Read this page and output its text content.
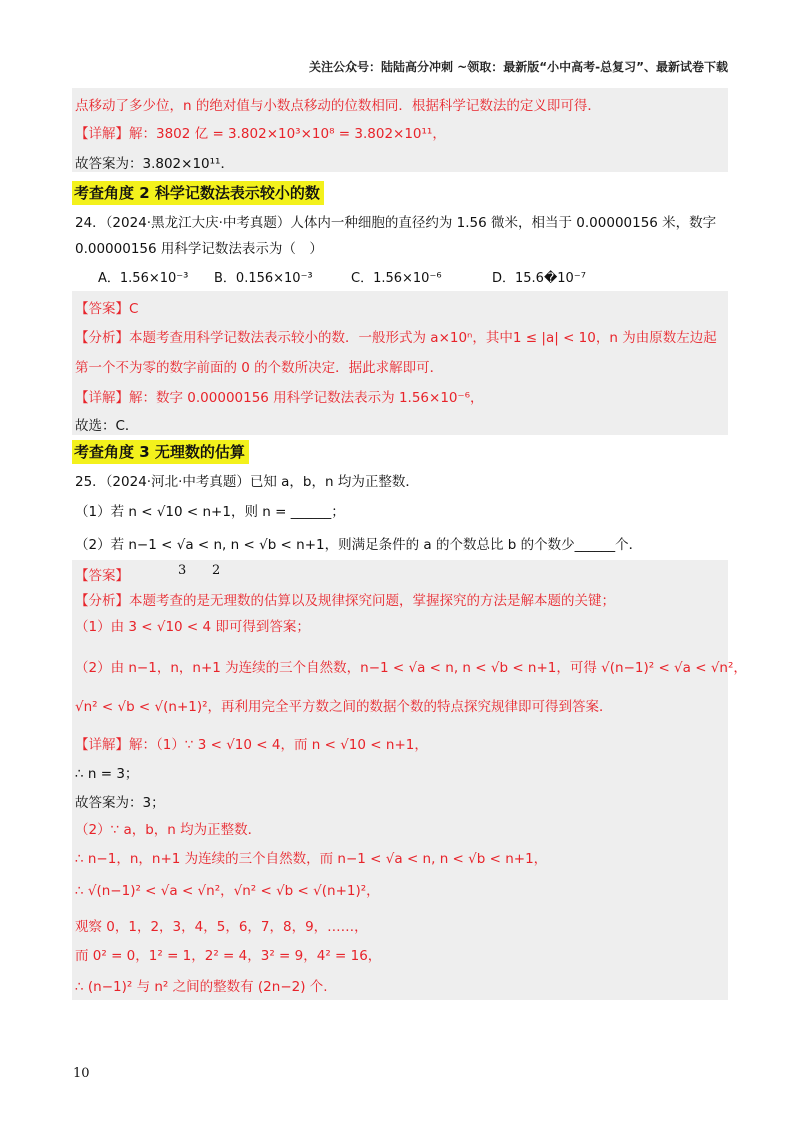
关注公众号：陆陆高分冲刺 ~领取：最新版“小中高考-总复习”、最新试卷下载
点移动了多少位，n 的绝对值与小数点移动的位数相同．根据科学记数法的定义即可得．
【详解】解：3802 亿 = 3.802×10³×10⁸ = 3.802×10¹¹，
故答案为：3.802×10¹¹．
考查角度 2 科学记数法表示较小的数
24．（2024·黑龙江大庆·中考真题）人体内一种细胞的直径约为 1.56 微米，相当于 0.00000156 米，数字
0.00000156 用科学记数法表示为（　）
A．1.56×10⁻³ B．0.156×10⁻³	C．1.56×10⁻⁶	D．15.6�10⁻⁷
【答案】C
【分析】本题考查用科学记数法表示较小的数．一般形式为 a×10ⁿ，其中1 ≤ |a| < 10，n 为由原数左边起
第一个不为零的数字前面的 0 的个数所决定．据此求解即可．
【详解】解：数字 0.00000156 用科学记数法表示为 1.56×10⁻⁶，
故选：C．
考查角度 3 无理数的估算
25．（2024·河北·中考真题）已知 a，b，n 均为正整数．
（1）若 n < √10 < n+1，则 n = ______；
（2）若 n−1 < √a < n, n < √b < n+1，则满足条件的 a 的个数总比 b 的个数少______个．
【答案】	3 2
【分析】本题考查的是无理数的估算以及规律探究问题，掌握探究的方法是解本题的关键；
（1）由 3 < √10 < 4 即可得到答案；
（2）由 n−1，n，n+1 为连续的三个自然数，n−1 < √a < n, n < √b < n+1，可得 √(n−1)² < √a < √n²，
√n² < √b < √(n+1)²，再利用完全平方数之间的数据个数的特点探究规律即可得到答案．
【详解】解：（1）∵ 3 < √10 < 4，而 n < √10 < n+1，
∴ n = 3；
故答案为：3；
（2）∵ a，b，n 均为正整数．
∴ n−1，n，n+1 为连续的三个自然数，而 n−1 < √a < n, n < √b < n+1，
∴ √(n−1)² < √a < √n²，√n² < √b < √(n+1)²，
观察 0，1，2，3，4，5，6，7，8，9，……，
而 0² = 0，1² = 1，2² = 4，3² = 9，4² = 16，
∴ (n−1)² 与 n² 之间的整数有 (2n−2) 个.
10
